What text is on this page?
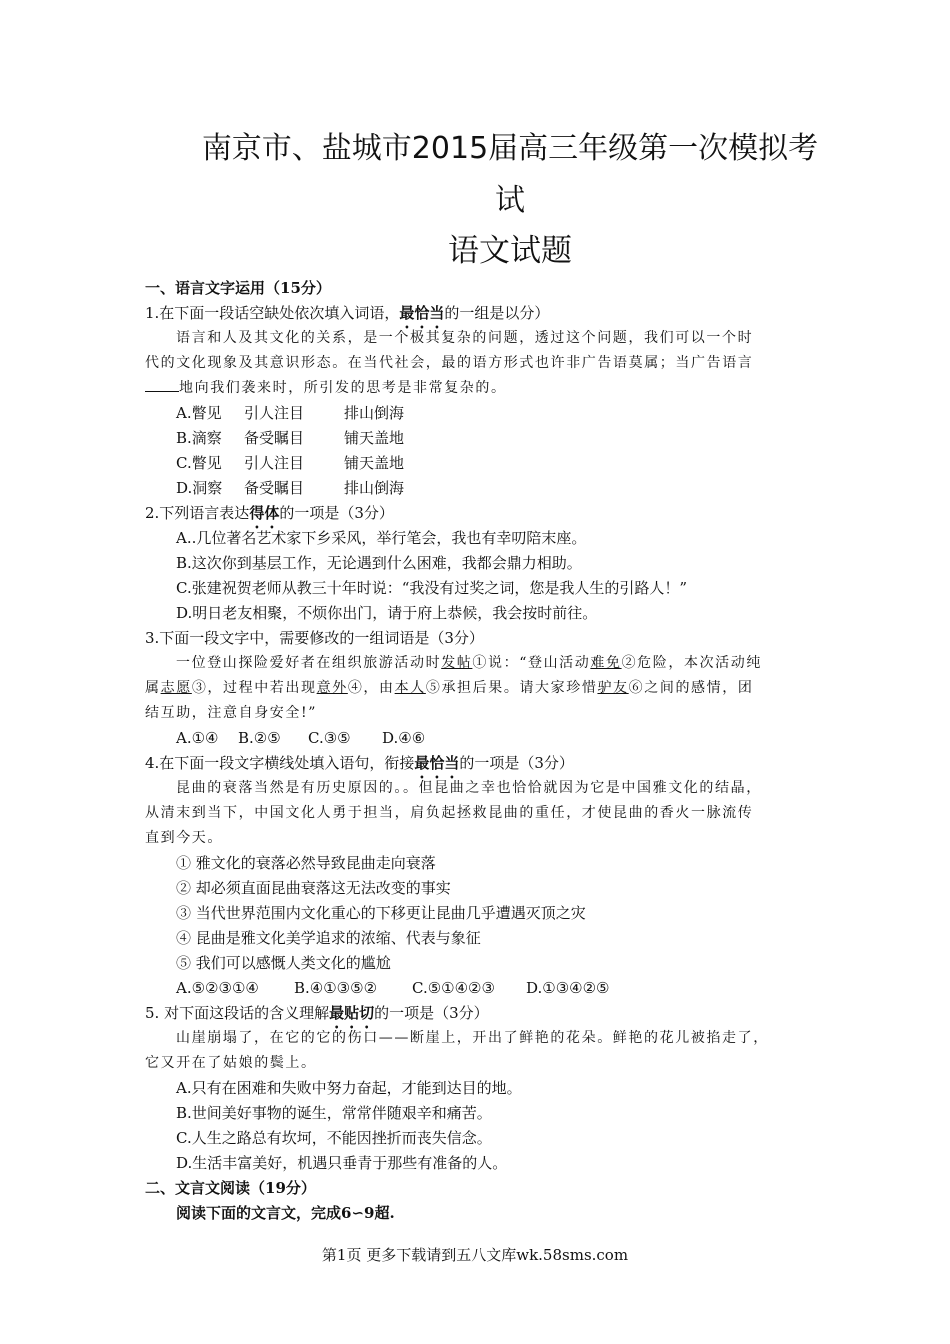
南京市、盐城市2015届高三年级第一次模拟考
试
语文试题
一、语言文字运用（15分）
1.在下面一段话空缺处依次填入词语，最恰当的一组是以分）
语言和人及其文化的关系，是一个极其复杂的问题，透过这个问题，我们可以一个时
代的文化现象及其意识形态。在当代社会，最的语方形式也许非广告语莫属；当广告语言
地向我们袭来时，所引发的思考是非常复杂的。
A.瞥见 引人注目	排山倒海
B.滴察 备受瞩目	铺天盖地
C.瞥见 引人注目	铺天盖地
D.洞察 备受瞩目	排山倒海
2.下列语言表达得体的一项是（3分）
A..几位著名艺术家下乡采风，举行笔会，我也有幸叨陪末座。
B.这次你到基层工作，无论遇到什么困难，我都会鼎力相助。
C.张建祝贺老师从教三十年时说：“我没有过奖之词，您是我人生的引路人！”
D.明日老友相聚，不烦你出门，请于府上恭候，我会按时前往。
3.下面一段文字中，需要修改的一组词语是（3分）
一位登山探险爱好者在组织旅游活动时发帖①说：“登山活动难免②危险，本次活动纯
属志愿③，过程中若出现意外④，由本人⑤承担后果。请大家珍惜驴友⑥之间的感情，团
结互助，注意自身安全!”
A.①④ B.②⑤ C.③⑤ D.④⑥
4.在下面一段文字横线处填入语句，衔接最恰当的一项是（3分）
昆曲的衰落当然是有历史原因的。。但昆曲之幸也恰恰就因为它是中国雅文化的结晶，
从清末到当下，中国文化人勇于担当，肩负起拯救昆曲的重任，才使昆曲的香火一脉流传
直到今天。
① 雅文化的衰落必然导致昆曲走向衰落
② 却必须直面昆曲衰落这无法改变的事实
③ 当代世界范围内文化重心的下移更让昆曲几乎遭遇灭顶之灾
④ 昆曲是雅文化美学追求的浓缩、代表与象征
⑤ 我们可以感慨人类文化的尴尬
A.⑤②③①④ B.④①③⑤② C.⑤①④②③ D.①③④②⑤
5. 对下面这段话的含义理解最贴切的一项是（3分）
山崖崩塌了，在它的它的伤口——断崖上，开出了鲜艳的花朵。鲜艳的花儿被掐走了，
它又开在了姑娘的鬓上。
A.只有在困难和失败中努力奋起，才能到达目的地。
B.世间美好事物的诞生，常常伴随艰辛和痛苦。
C.人生之路总有坎坷，不能因挫折而丧失信念。
D.生活丰富美好，机遇只垂青于那些有准备的人。
二、文言文阅读（19分）
阅读下面的文言文，完成6∽9超.
第1页 更多下载请到五八文库wk.58sms.com
